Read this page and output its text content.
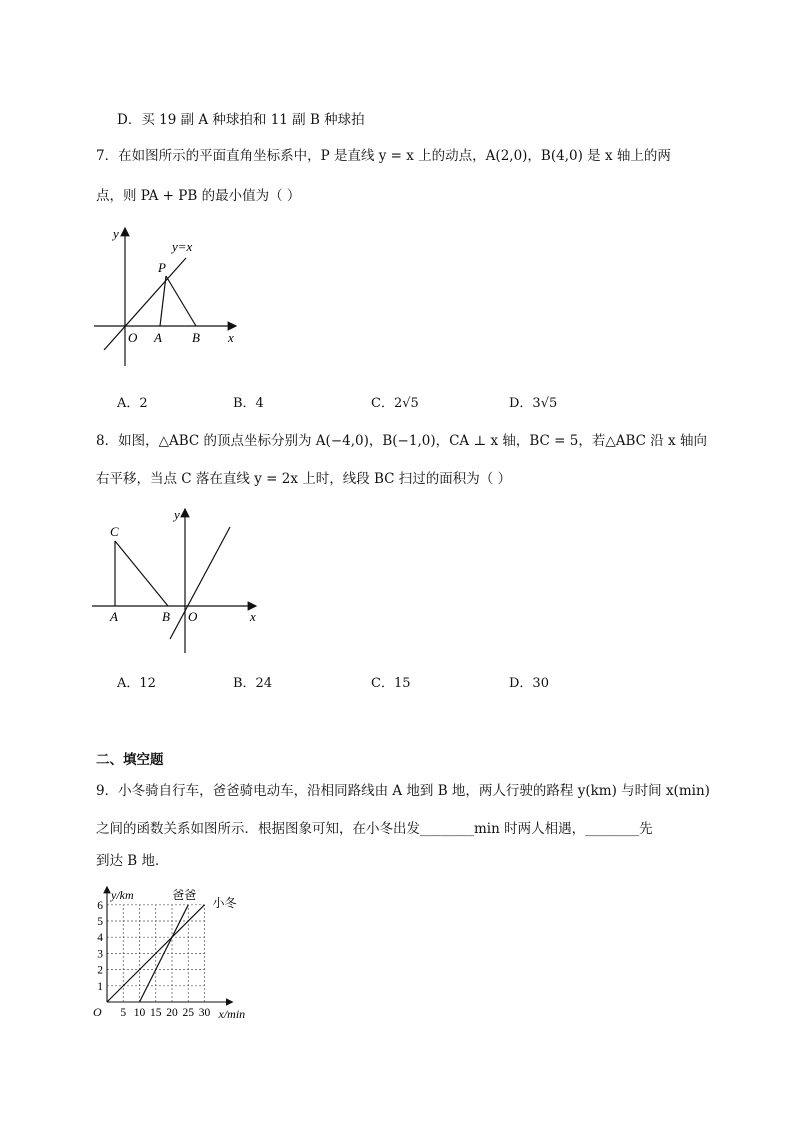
D．买 19 副 A 种球拍和 11 副 B 种球拍
7．在如图所示的平面直角坐标系中，P 是直线 y = x 上的动点，A(2,0)，B(4,0) 是 x 轴上的两
点，则 PA + PB 的最小值为（ ）
y
y=x
P
O A B x
A．2	B．4	C．2√5	D．3√5
8．如图，△ABC 的顶点坐标分别为 A(−4,0)，B(−1,0)，CA ⊥ x 轴，BC = 5，若△ABC 沿 x 轴向
右平移，当点 C 落在直线 y = 2x 上时，线段 BC 扫过的面积为（ ）
C
y
A	B O	x
A．12	B．24	C．15	D．30
二、填空题
9．小冬骑自行车，爸爸骑电动车，沿相同路线由 A 地到 B 地，两人行驶的路程 y(km) 与时间 x(min)
之间的函数关系如图所示．根据图象可知，在小冬出发________min 时两人相遇，________先
到达 B 地．
5 10 15 20 25 30
1
2
3
4
5
6
O
y/km
x/min
爸爸
小冬
